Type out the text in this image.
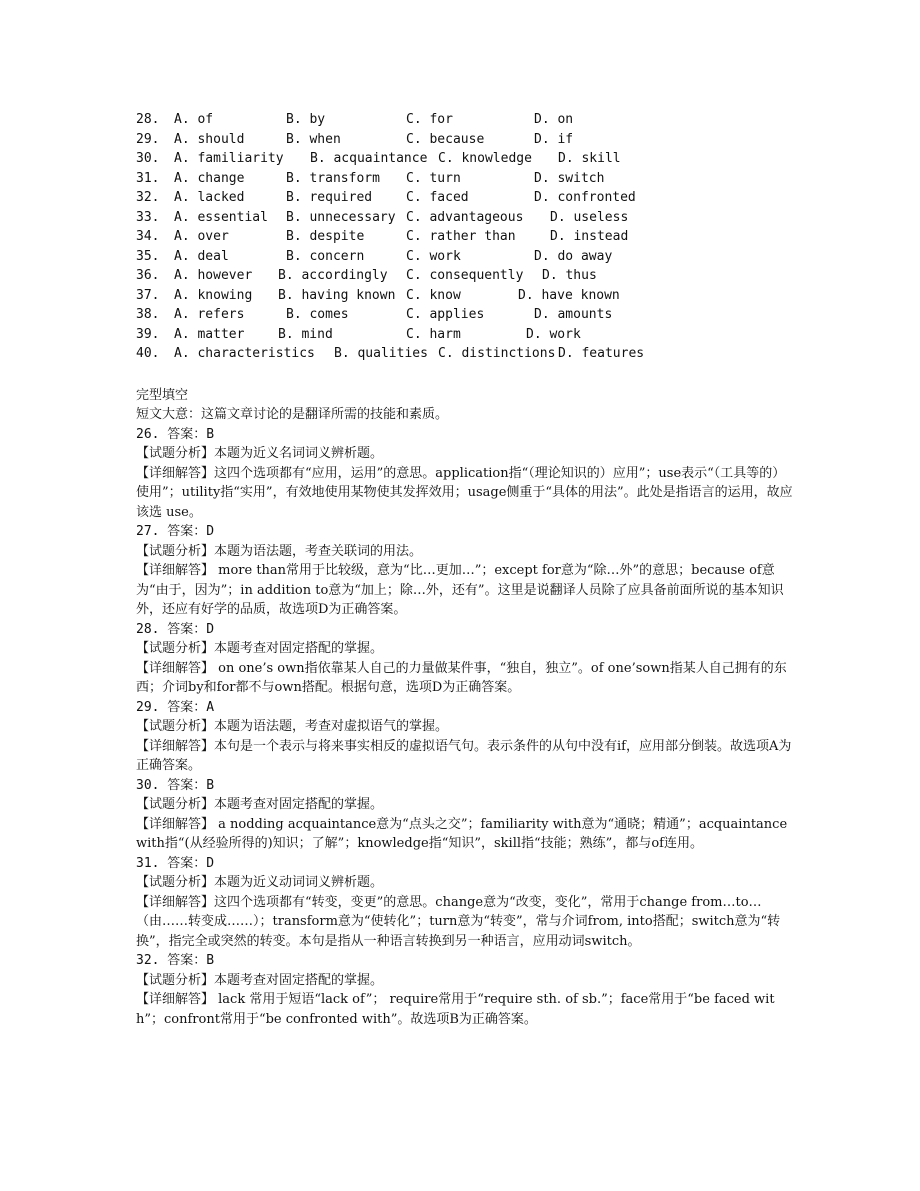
28.	A. of	B. by	C. for	D. on
29.	A. should	B. when	C. because	D. if
30.	A. familiarity	B. acquaintance C. knowledge	D. skill
31.	A. change	B. transform	C. turn	D. switch
32.	A. lacked	B. required	C. faced	D. confronted
33.	A. essential	B. unnecessary C. advantageous	D. useless
34.	A. over	B. despite	C. rather than	D. instead
35.	A. deal	B. concern	C. work	D. do away
36.	A. however	B. accordingly	C. consequently	D. thus
37.	A. knowing	B. having known C. know	D. have known
38.	A. refers	B. comes	C. applies	D. amounts
39.	A. matter	B. mind	C. harm	D. work
40.	A. characteristics	B. qualities C. distinctions D. features

完型填空

短文大意：这篇文章讨论的是翻译所需的技能和素质。

26. 答案：B

【试题分析】本题为近义名词词义辨析题。

【详细解答】这四个选项都有“应用，运用”的意思。application指“（理论知识的）应用”；use表示“（工具等的）使用”；utility指“实用”，有效地使用某物使其发挥效用；usage侧重于“具体的用法”。此处是指语言的运用，故应该选 use。

27. 答案：D

【试题分析】本题为语法题，考查关联词的用法。

【详细解答】 more than常用于比较级，意为“比…更加…”；except for意为“除…外”的意思；because of意为“由于，因为”；in addition to意为“加上；除…外，还有”。这里是说翻译人员除了应具备前面所说的基本知识外，还应有好学的品质，故选项D为正确答案。

28. 答案：D

【试题分析】本题考查对固定搭配的掌握。

【详细解答】 on one’s own指依靠某人自己的力量做某件事，“独自，独立”。of one’sown指某人自己拥有的东西；介词by和for都不与own搭配。根据句意，选项D为正确答案。

29. 答案：A

【试题分析】本题为语法题，考查对虚拟语气的掌握。

【详细解答】本句是一个表示与将来事实相反的虚拟语气句。表示条件的从句中没有if，应用部分倒装。故选项A为正确答案。

30. 答案：B

【试题分析】本题考查对固定搭配的掌握。

【详细解答】 a nodding acquaintance意为“点头之交”；familiarity with意为“通晓；精通”；acquaintance with指“(从经验所得的)知识；了解”；knowledge指“知识”，skill指“技能；熟练”，都与of连用。

31. 答案：D

【试题分析】本题为近义动词词义辨析题。

【详细解答】这四个选项都有“转变，变更”的意思。change意为“改变，变化”，常用于change from…to…（由……转变成……）；transform意为“使转化”；turn意为“转变”，常与介词from, into搭配；switch意为“转换”，指完全或突然的转变。本句是指从一种语言转换到另一种语言，应用动词switch。

32. 答案：B

【试题分析】本题考查对固定搭配的掌握。

【详细解答】 lack 常用于短语“lack of”； require常用于“require sth. of sb.”；face常用于“be faced with”；confront常用于“be confronted with”。故选项B为正确答案。
